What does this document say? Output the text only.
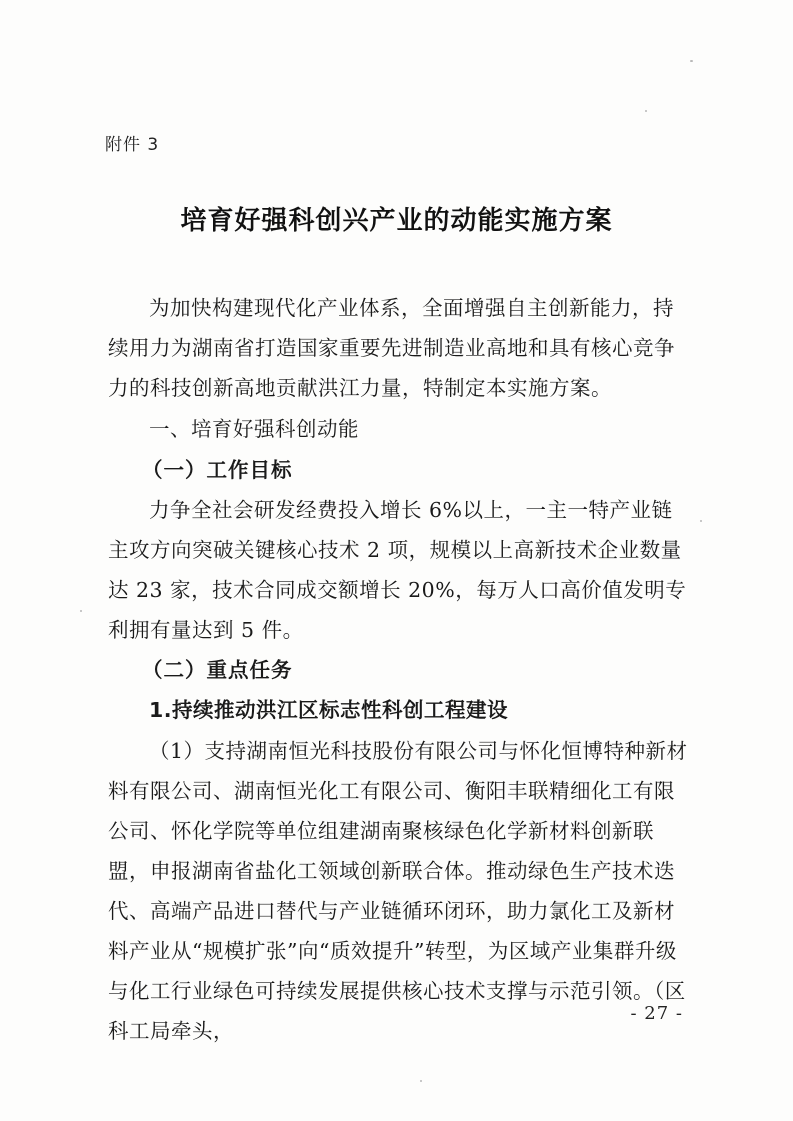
附件 3
培育好强科创兴产业的动能实施方案
为加快构建现代化产业体系，全面增强自主创新能力，持续用力为湖南省打造国家重要先进制造业高地和具有核心竞争力的科技创新高地贡献洪江力量，特制定本实施方案。
一、培育好强科创动能
（一）工作目标
力争全社会研发经费投入增长 6%以上，一主一特产业链主攻方向突破关键核心技术 2 项，规模以上高新技术企业数量达 23 家，技术合同成交额增长 20%，每万人口高价值发明专利拥有量达到 5 件。
（二）重点任务
1.持续推动洪江区标志性科创工程建设
（1）支持湖南恒光科技股份有限公司与怀化恒博特种新材料有限公司、湖南恒光化工有限公司、衡阳丰联精细化工有限公司、怀化学院等单位组建湖南聚核绿色化学新材料创新联盟，申报湖南省盐化工领域创新联合体。推动绿色生产技术迭代、高端产品进口替代与产业链循环闭环，助力氯化工及新材料产业从“规模扩张”向“质效提升”转型，为区域产业集群升级与化工行业绿色可持续发展提供核心技术支撑与示范引领。（区科工局牵头，
- 27 -
